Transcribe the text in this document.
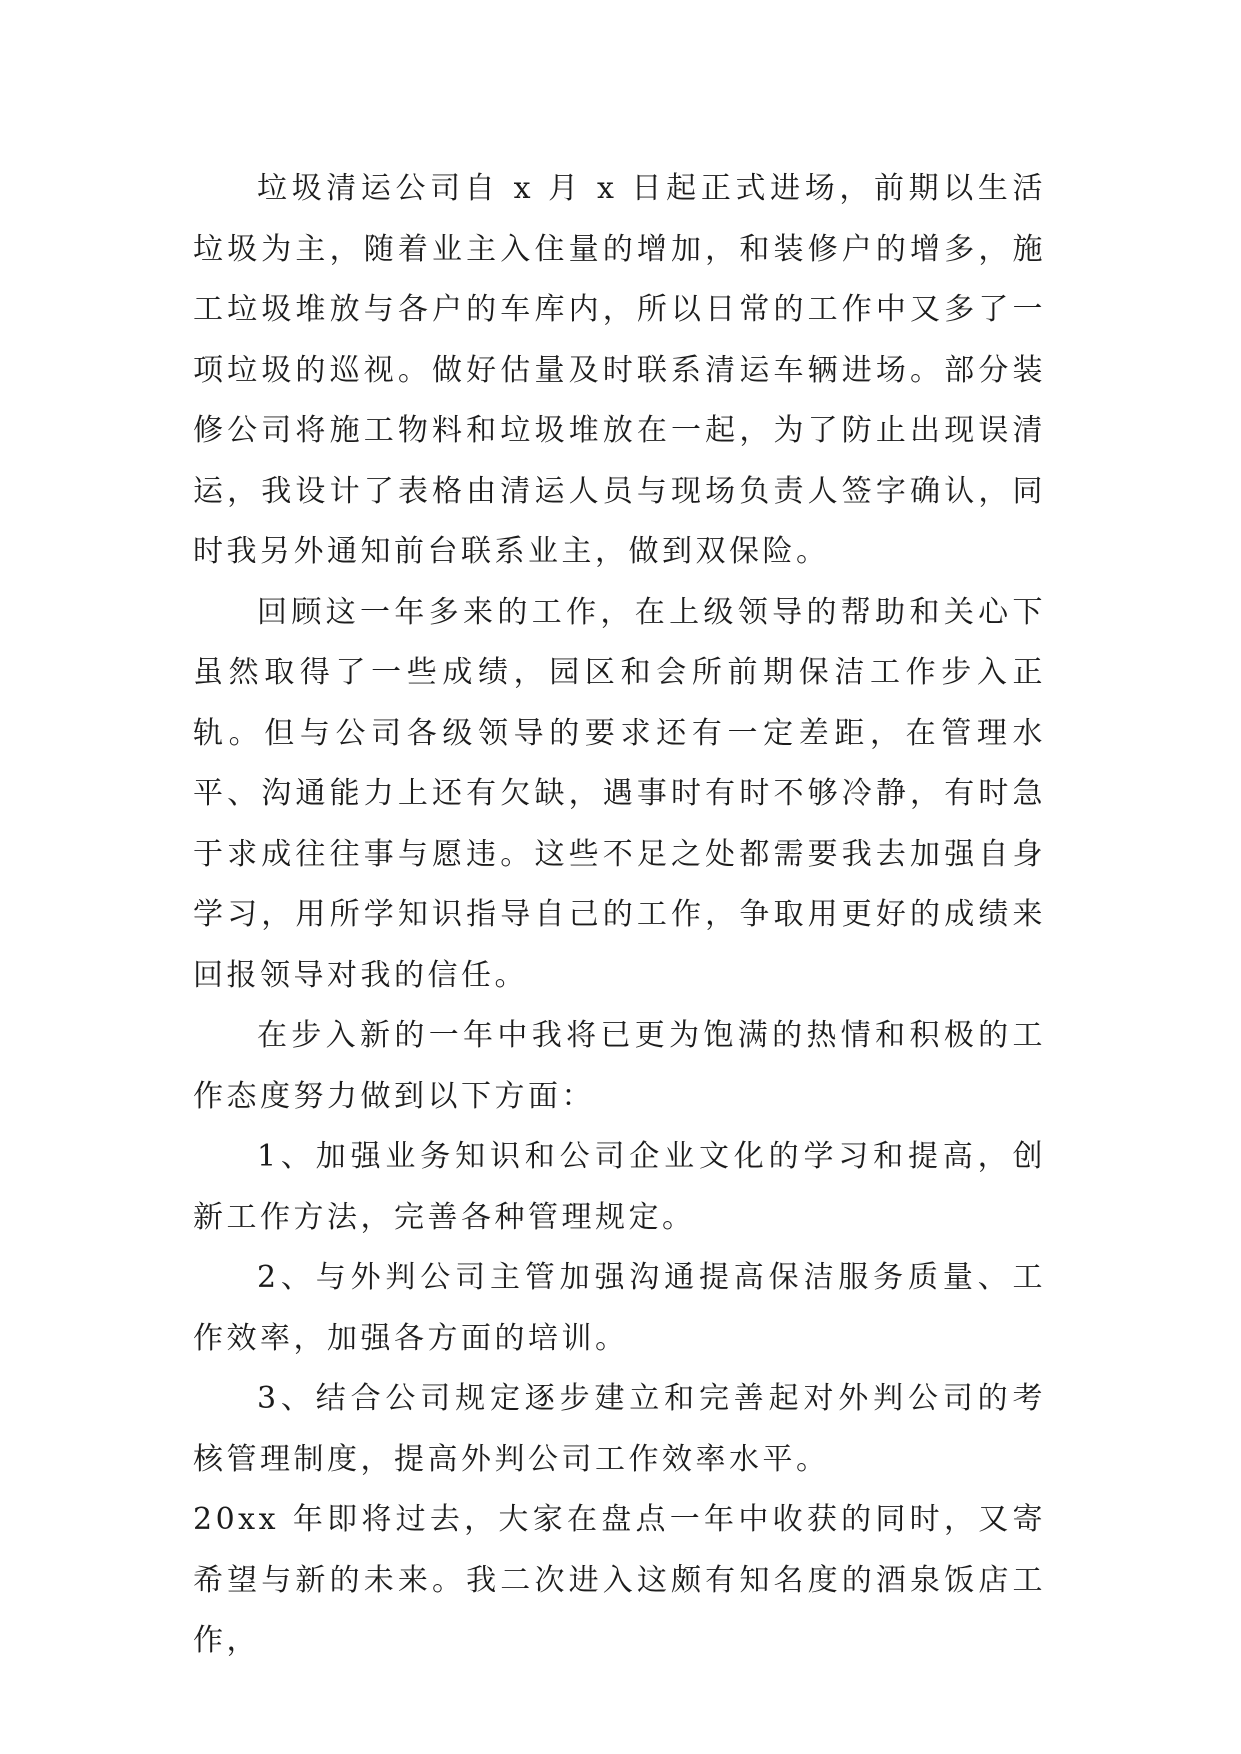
垃圾清运公司自 x 月 x 日起正式进场，前期以生活垃圾为主，随着业主入住量的增加，和装修户的增多，施工垃圾堆放与各户的车库内，所以日常的工作中又多了一项垃圾的巡视。做好估量及时联系清运车辆进场。部分装修公司将施工物料和垃圾堆放在一起，为了防止出现误清运，我设计了表格由清运人员与现场负责人签字确认，同时我另外通知前台联系业主，做到双保险。

回顾这一年多来的工作，在上级领导的帮助和关心下虽然取得了一些成绩，园区和会所前期保洁工作步入正轨。但与公司各级领导的要求还有一定差距，在管理水平、沟通能力上还有欠缺，遇事时有时不够冷静，有时急于求成往往事与愿违。这些不足之处都需要我去加强自身学习，用所学知识指导自己的工作，争取用更好的成绩来回报领导对我的信任。

在步入新的一年中我将已更为饱满的热情和积极的工作态度努力做到以下方面：

1、加强业务知识和公司企业文化的学习和提高，创新工作方法，完善各种管理规定。

2、与外判公司主管加强沟通提高保洁服务质量、工作效率，加强各方面的培训。

3、结合公司规定逐步建立和完善起对外判公司的考核管理制度，提高外判公司工作效率水平。

20xx 年即将过去，大家在盘点一年中收获的同时，又寄希望与新的未来。我二次进入这颇有知名度的酒泉饭店工作，
